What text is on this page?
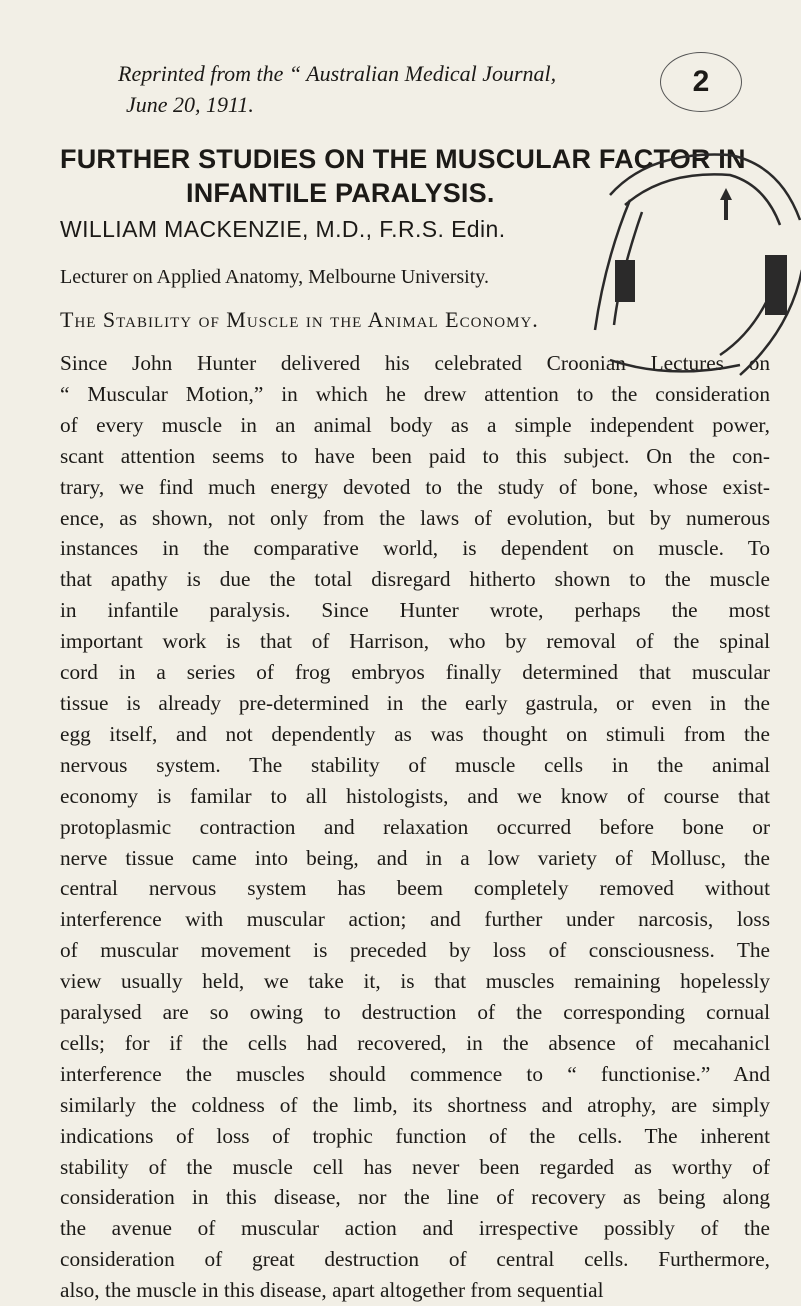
Reprinted from the “ Australian Medical Journal,
June 20, 1911.
2
FURTHER STUDIES ON THE MUSCULAR FACTOR IN
INFANTILE PARALYSIS.
WILLIAM MACKENZIE, M.D., F.R.S. Edin.
Lecturer on Applied Anatomy, Melbourne University.
The Stability of Muscle in the Animal Economy.
Since John Hunter delivered his celebrated Croonian Lectures on
“ Muscular Motion,” in which he drew attention to the consideration
of every muscle in an animal body as a simple independent power,
scant attention seems to have been paid to this subject. On the con-
trary, we find much energy devoted to the study of bone, whose exist-
ence, as shown, not only from the laws of evolution, but by numerous
instances in the comparative world, is dependent on muscle. To
that apathy is due the total disregard hitherto shown to the muscle
in infantile paralysis. Since Hunter wrote, perhaps the most
important work is that of Harrison, who by removal of the spinal
cord in a series of frog embryos finally determined that muscular
tissue is already pre-determined in the early gastrula, or even in the
egg itself, and not dependently as was thought on stimuli from the
nervous system. The stability of muscle cells in the animal
economy is familar to all histologists, and we know of course that
protoplasmic contraction and relaxation occurred before bone or
nerve tissue came into being, and in a low variety of Mollusc, the
central nervous system has beem completely removed without
interference with muscular action; and further under narcosis, loss
of muscular movement is preceded by loss of consciousness. The
view usually held, we take it, is that muscles remaining hopelessly
paralysed are so owing to destruction of the corresponding cornual
cells; for if the cells had recovered, in the absence of mecahanicl
interference the muscles should commence to “ functionise.” And
similarly the coldness of the limb, its shortness and atrophy, are simply
indications of loss of trophic function of the cells. The inherent
stability of the muscle cell has never been regarded as worthy of
consideration in this disease, nor the line of recovery as being along
the avenue of muscular action and irrespective possibly of the
consideration of great destruction of central cells. Furthermore,
also, the muscle in this disease, apart altogether from sequential
